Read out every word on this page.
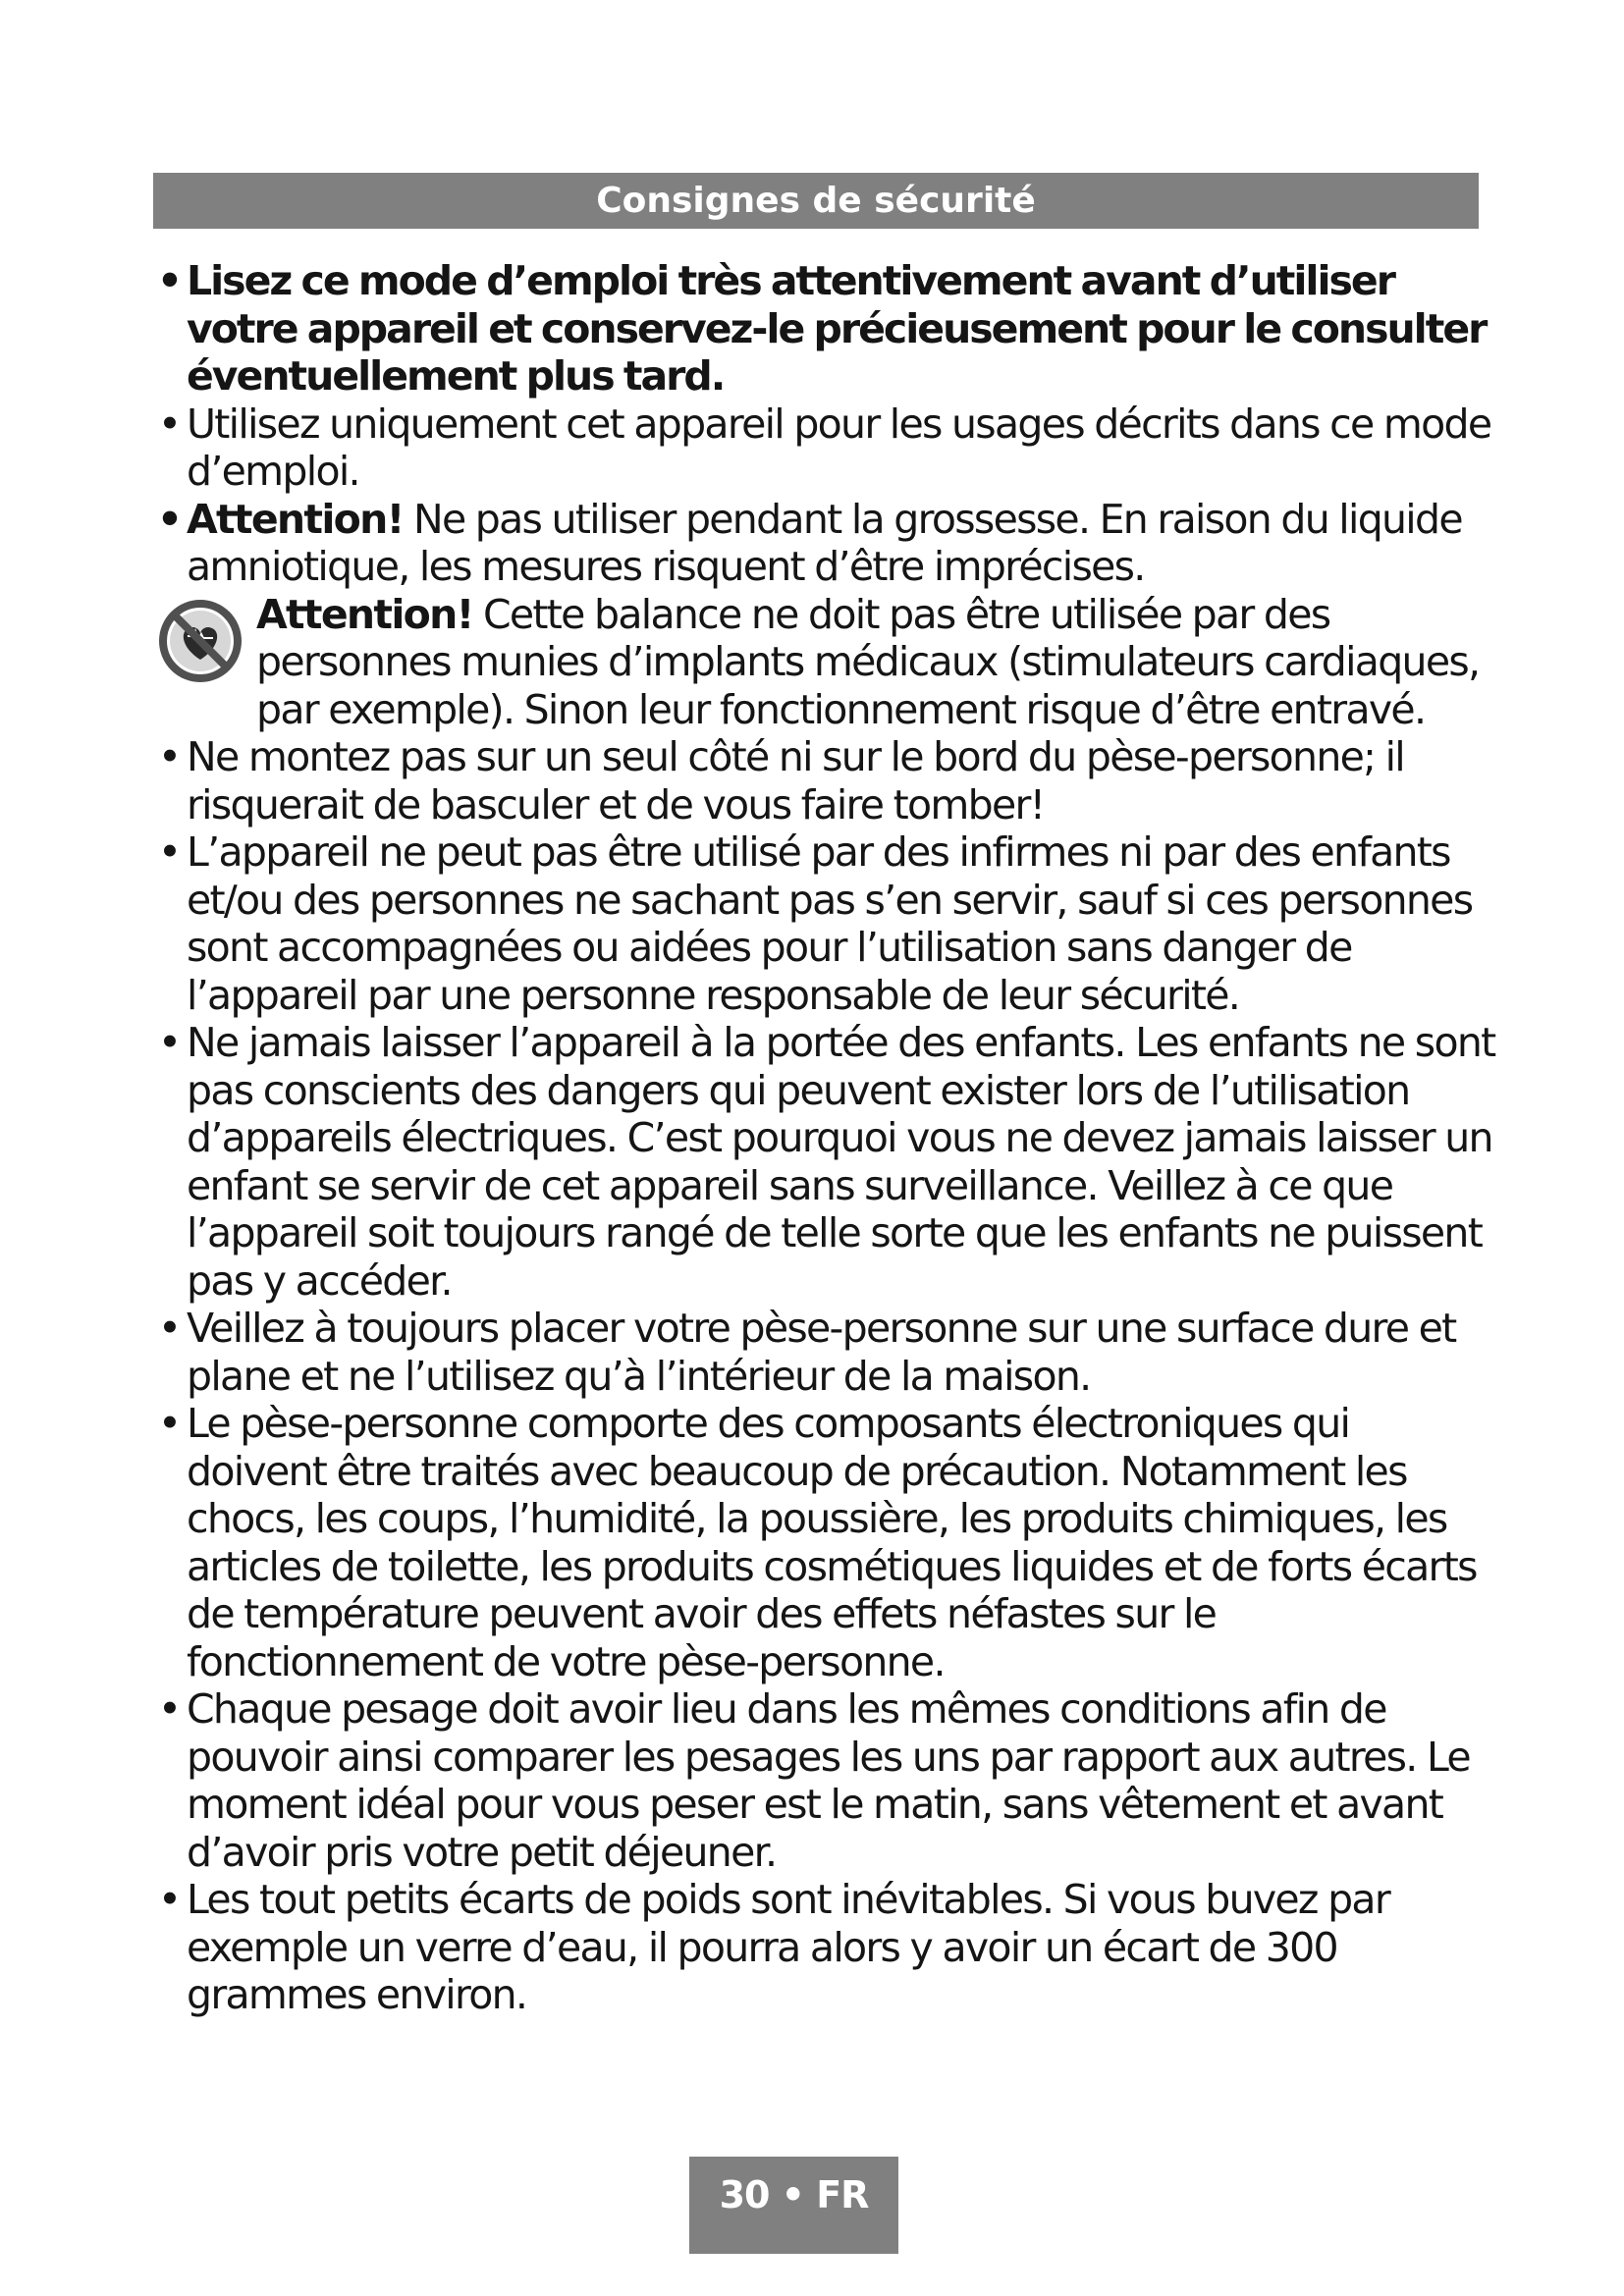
Consignes de sécurité
• Lisez ce mode d’emploi très attentivement avant d’utiliser votre appareil et conservez-le précieusement pour le consulter éventuellement plus tard.
• Utilisez uniquement cet appareil pour les usages décrits dans ce mode d’emploi.
• Attention! Ne pas utiliser pendant la grossesse. En raison du liquide amniotique, les mesures risquent d’être imprécises.
Attention! Cette balance ne doit pas être utilisée par des personnes munies d’implants médicaux (stimulateurs cardiaques, par exemple). Sinon leur fonctionnement risque d’être entravé.
• Ne montez pas sur un seul côté ni sur le bord du pèse-personne; il risquerait de basculer et de vous faire tomber!
• L’appareil ne peut pas être utilisé par des infirmes ni par des enfants et/ou des personnes ne sachant pas s’en servir, sauf si ces personnes sont accompagnées ou aidées pour l’utilisation sans danger de l’appareil par une personne responsable de leur sécurité.
• Ne jamais laisser l’appareil à la portée des enfants. Les enfants ne sont pas conscients des dangers qui peuvent exister lors de l’utilisation d’appareils électriques. C’est pourquoi vous ne devez jamais laisser un enfant se servir de cet appareil sans surveillance. Veillez à ce que l’appareil soit toujours rangé de telle sorte que les enfants ne puissent pas y accéder.
• Veillez à toujours placer votre pèse-personne sur une surface dure et plane et ne l’utilisez qu’à l’intérieur de la maison.
• Le pèse-personne comporte des composants électroniques qui doivent être traités avec beaucoup de précaution. Notamment les chocs, les coups, l’humidité, la poussière, les produits chimiques, les articles de toilette, les produits cosmétiques liquides et de forts écarts de température peuvent avoir des effets néfastes sur le fonctionnement de votre pèse-personne.
• Chaque pesage doit avoir lieu dans les mêmes conditions afin de pouvoir ainsi comparer les pesages les uns par rapport aux autres. Le moment idéal pour vous peser est le matin, sans vêtement et avant d’avoir pris votre petit déjeuner.
• Les tout petits écarts de poids sont inévitables. Si vous buvez par exemple un verre d’eau, il pourra alors y avoir un écart de 300 grammes environ.
30 • FR
